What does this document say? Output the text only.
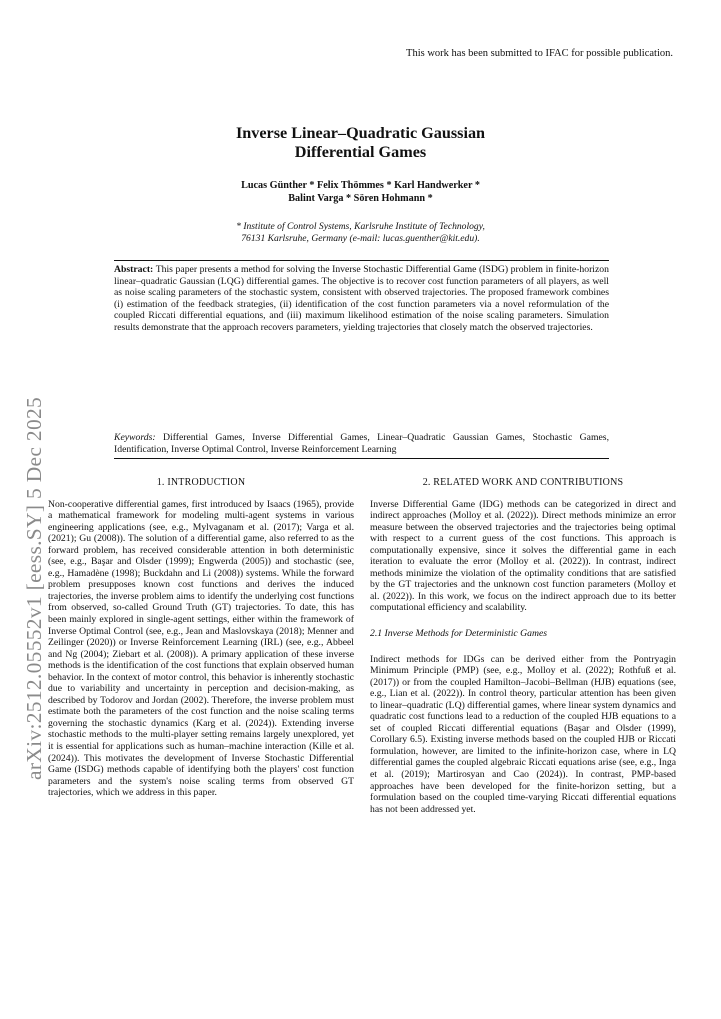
This work has been submitted to IFAC for possible publication.
arXiv:2512.05552v1 [eess.SY] 5 Dec 2025
Inverse Linear–Quadratic Gaussian
Differential Games
Lucas Günther * Felix Thömmes * Karl Handwerker *
Balint Varga * Sören Hohmann *
* Institute of Control Systems, Karlsruhe Institute of Technology,
76131 Karlsruhe, Germany (e-mail: lucas.guenther@kit.edu).
Abstract: This paper presents a method for solving the Inverse Stochastic Differential Game (ISDG) problem in finite-horizon linear–quadratic Gaussian (LQG) differential games. The objective is to recover cost function parameters of all players, as well as noise scaling parameters of the stochastic system, consistent with observed trajectories. The proposed framework combines (i) estimation of the feedback strategies, (ii) identification of the cost function parameters via a novel reformulation of the coupled Riccati differential equations, and (iii) maximum likelihood estimation of the noise scaling parameters. Simulation results demonstrate that the approach recovers parameters, yielding trajectories that closely match the observed trajectories.
Keywords: Differential Games, Inverse Differential Games, Linear–Quadratic Gaussian Games, Stochastic Games, Identification, Inverse Optimal Control, Inverse Reinforcement Learning
1. INTRODUCTION

Non-cooperative differential games, first introduced by Isaacs (1965), provide a mathematical framework for modeling multi-agent systems in various engineering applications (see, e.g., Mylvaganam et al. (2017); Varga et al. (2021); Gu (2008)). The solution of a differential game, also referred to as the forward problem, has received considerable attention in both deterministic (see, e.g., Başar and Olsder (1999); Engwerda (2005)) and stochastic (see, e.g., Hamadène (1998); Buckdahn and Li (2008)) systems. While the forward problem presupposes known cost functions and derives the induced trajectories, the inverse problem aims to identify the underlying cost functions from observed, so-called Ground Truth (GT) trajectories. To date, this has been mainly explored in single-agent settings, either within the framework of Inverse Optimal Control (see, e.g., Jean and Maslovskaya (2018); Menner and Zeilinger (2020)) or Inverse Reinforcement Learning (IRL) (see, e.g., Abbeel and Ng (2004); Ziebart et al. (2008)). A primary application of these inverse methods is the identification of the cost functions that explain observed human behavior. In the context of motor control, this behavior is inherently stochastic due to variability and uncertainty in perception and decision-making, as described by Todorov and Jordan (2002). Therefore, the inverse problem must estimate both the parameters of the cost function and the noise scaling terms governing the stochastic dynamics (Karg et al. (2024)). Extending inverse stochastic methods to the multi-player setting remains largely unexplored, yet it is essential for applications such as human–machine interaction (Kille et al. (2024)). This motivates the development of Inverse Stochastic Differential Game (ISDG) methods capable of identifying both the players' cost function parameters and the system's noise scaling terms from observed GT trajectories, which we address in this paper.

2. RELATED WORK AND CONTRIBUTIONS

Inverse Differential Game (IDG) methods can be categorized in direct and indirect approaches (Molloy et al. (2022)). Direct methods minimize an error measure between the observed trajectories and the trajectories being optimal with respect to a current guess of the cost functions. This approach is computationally expensive, since it solves the differential game in each iteration to evaluate the error (Molloy et al. (2022)). In contrast, indirect methods minimize the violation of the optimality conditions that are satisfied by the GT trajectories and the unknown cost function parameters (Molloy et al. (2022)). In this work, we focus on the indirect approach due to its better computational efficiency and scalability.

2.1 Inverse Methods for Deterministic Games

Indirect methods for IDGs can be derived either from the Pontryagin Minimum Principle (PMP) (see, e.g., Molloy et al. (2022); Rothfuß et al. (2017)) or from the coupled Hamilton–Jacobi–Bellman (HJB) equations (see, e.g., Lian et al. (2022)). In control theory, particular attention has been given to linear–quadratic (LQ) differential games, where linear system dynamics and quadratic cost functions lead to a reduction of the coupled HJB equations to a set of coupled Riccati differential equations (Başar and Olsder (1999), Corollary 6.5). Existing inverse methods based on the coupled HJB or Riccati formulation, however, are limited to the infinite-horizon case, where in LQ differential games the coupled algebraic Riccati equations arise (see, e.g., Inga et al. (2019); Martirosyan and Cao (2024)). In contrast, PMP-based approaches have been developed for the finite-horizon setting, but a formulation based on the coupled time-varying Riccati differential equations has not been addressed yet.
